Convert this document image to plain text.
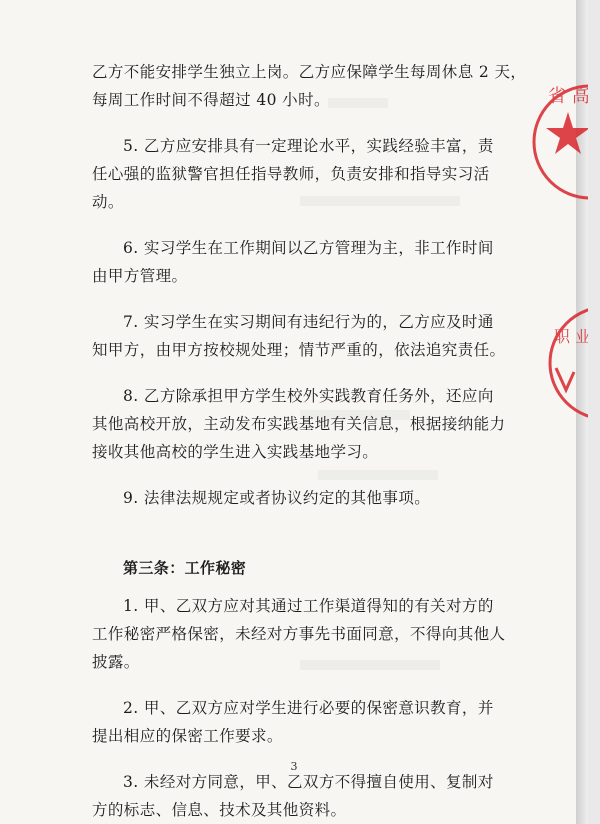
乙方不能安排学生独立上岗。乙方应保障学生每周休息 2 天，
每周工作时间不得超过 40 小时。
5. 乙方应安排具有一定理论水平，实践经验丰富，责
任心强的监狱警官担任指导教师，负责安排和指导实习活
动。
6. 实习学生在工作期间以乙方管理为主，非工作时间
由甲方管理。
7. 实习学生在实习期间有违纪行为的，乙方应及时通
知甲方，由甲方按校规处理；情节严重的，依法追究责任。
8. 乙方除承担甲方学生校外实践教育任务外，还应向
其他高校开放，主动发布实践基地有关信息，根据接纳能力
接收其他高校的学生进入实践基地学习。
9. 法律法规规定或者协议约定的其他事项。
第三条：工作秘密
1. 甲、乙双方应对其通过工作渠道得知的有关对方的
工作秘密严格保密，未经对方事先书面同意，不得向其他人
披露。
2. 甲、乙双方应对学生进行必要的保密意识教育，并
提出相应的保密工作要求。
3. 未经对方同意，甲、乙双方不得擅自使用、复制对
方的标志、信息、技术及其他资料。
3
省 高
职 业
